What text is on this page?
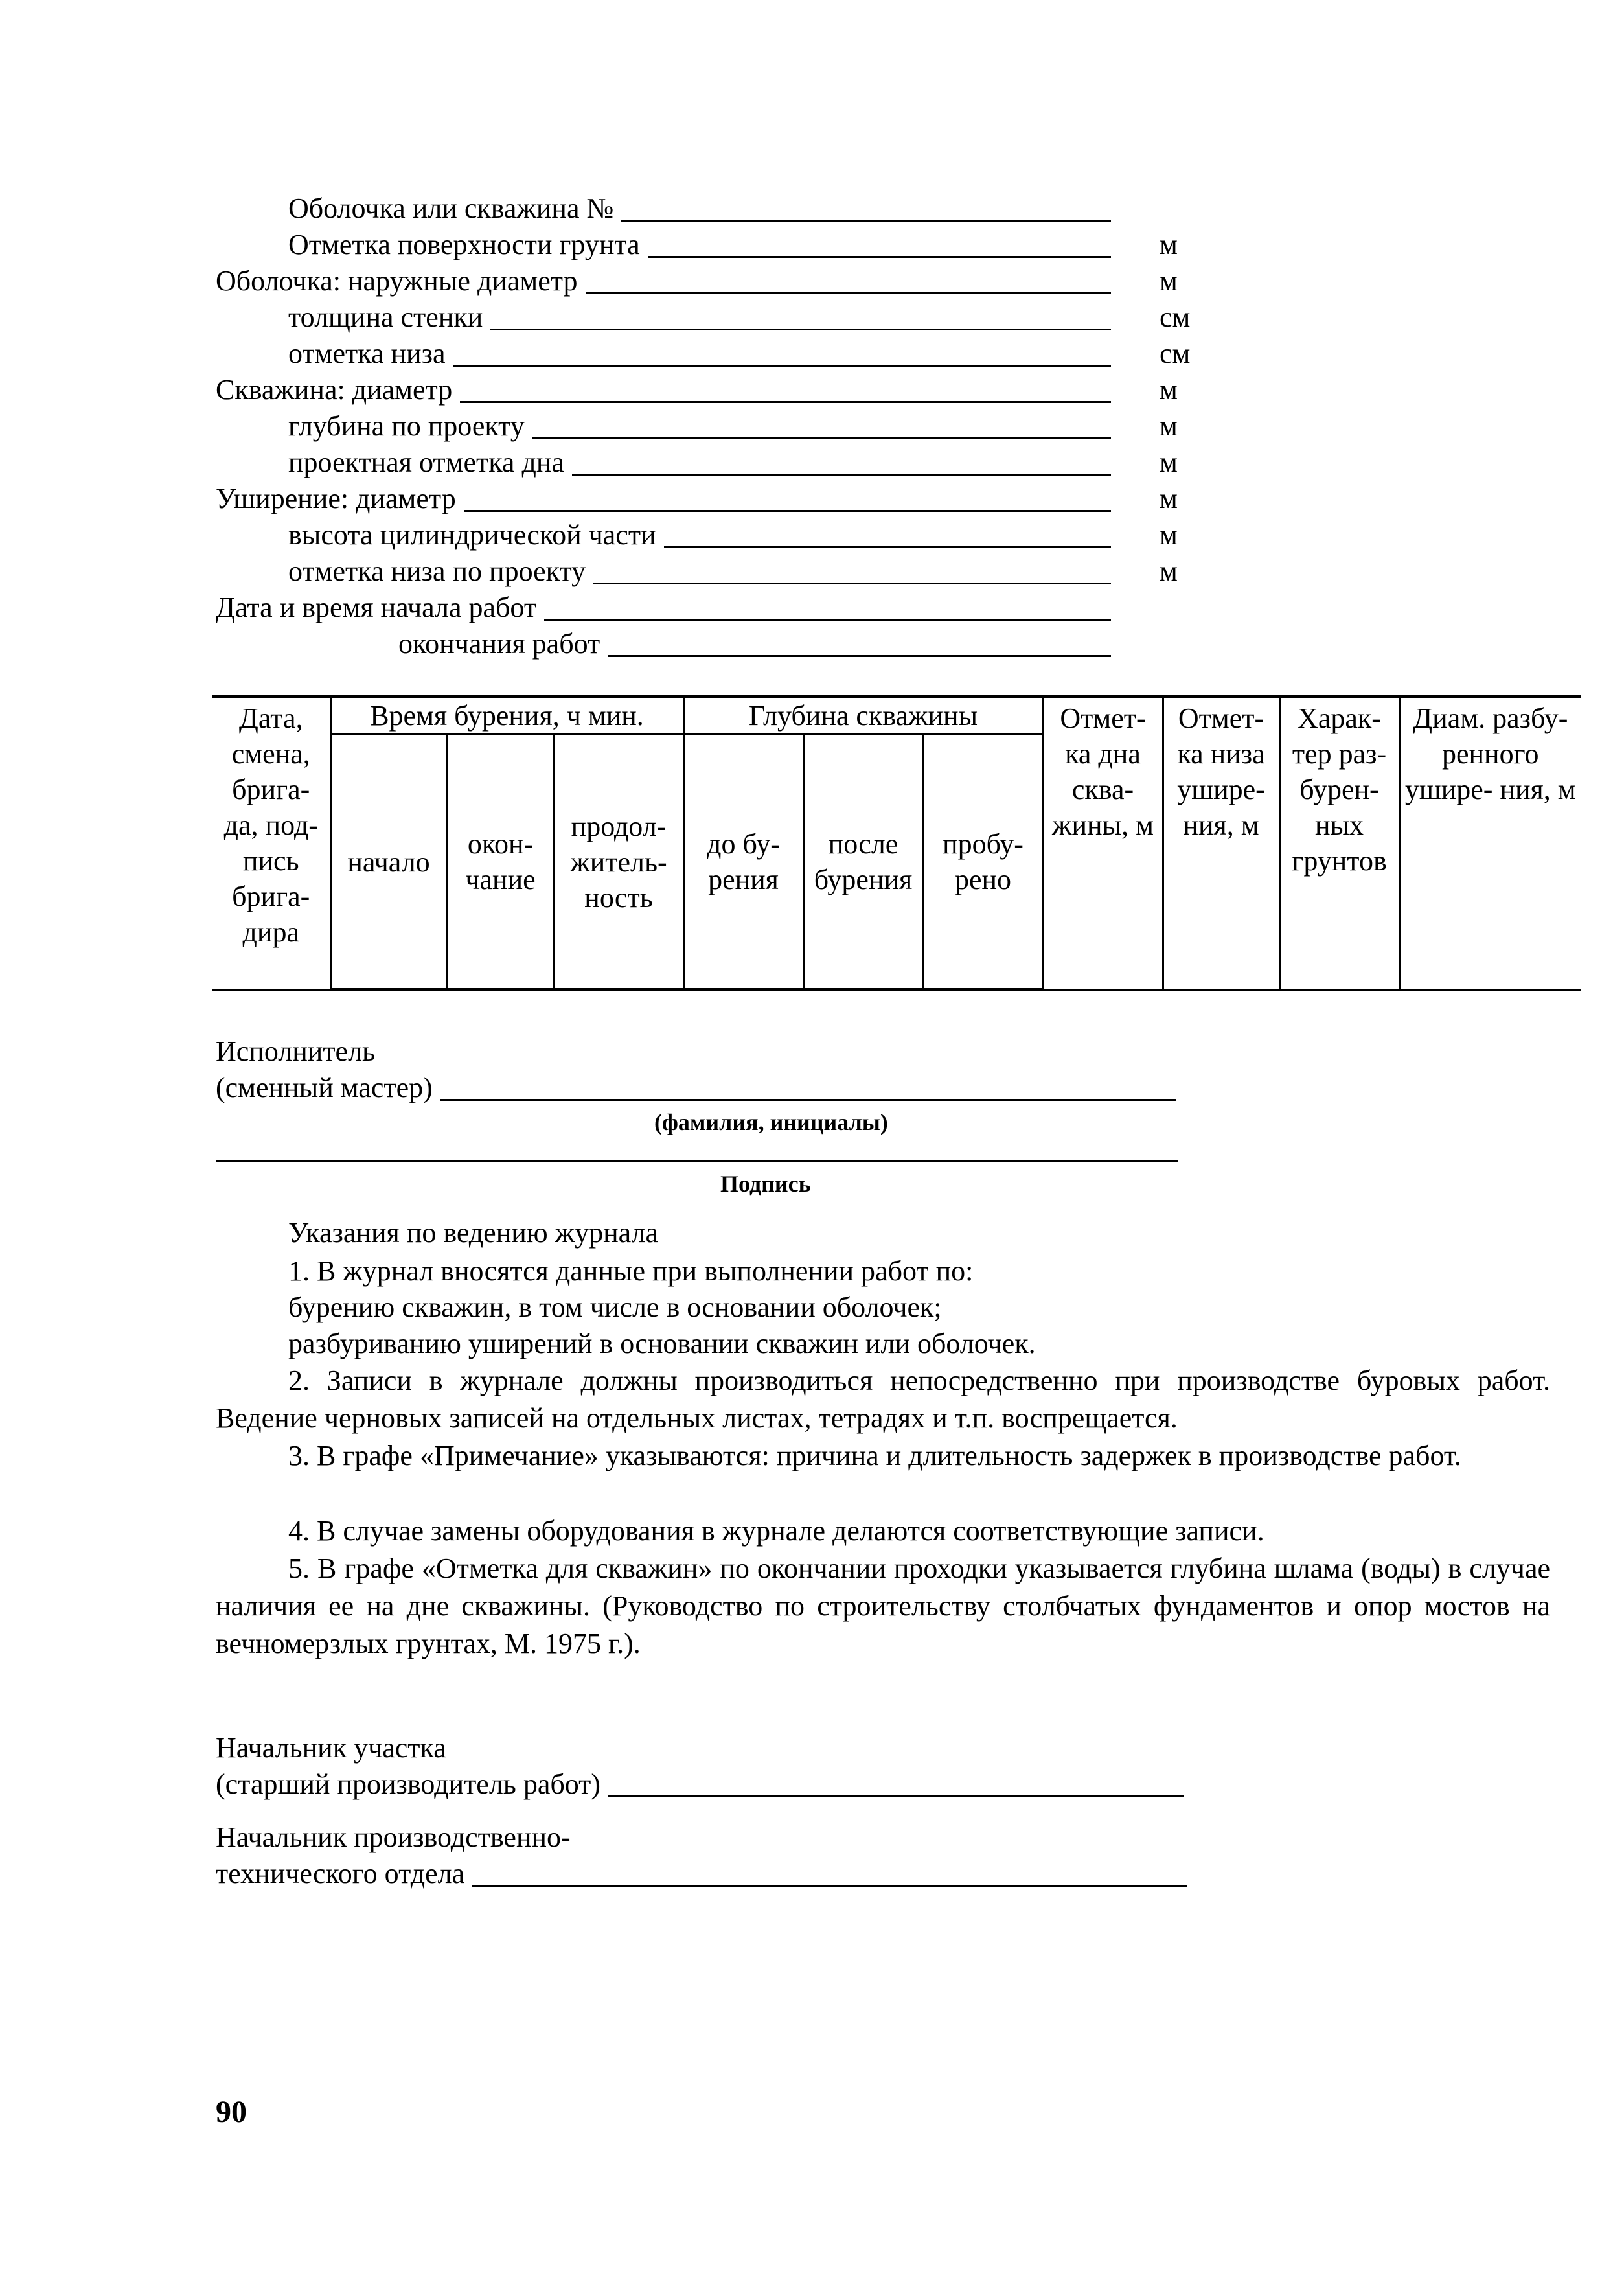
Оболочка или скважина №
Отметка поверхности грунта	м
Оболочка: наружные диаметр	м
толщина стенки	см
отметка низа	см
Скважина: диаметр	м
глубина по проекту	м
проектная отметка дна	м
Уширение: диаметр	м
высота цилиндрической части	м
отметка низа по проекту	м
Дата и время начала работ
окончания работ
Дата, смена, брига- да, под- пись брига- дира	Время бурения, ч мин.			Глубина скважины			Отмет- ка дна сква- жины, м	Отмет- ка низа ушире- ния, м	Харак- тер раз- бурен- ных грунтов	Диам. разбу- ренного уширe- ния, м
	начало	окон- чание	продол- житель- ность	до бу- рения	после бурения	пробу- рено				
Исполнитель
(сменный мастер)
(фамилия, инициалы)
Подпись
Указания по ведению журнала
1. В журнал вносятся данные при выполнении работ по:
бурению скважин, в том числе в основании оболочек;
разбуриванию уширений в основании скважин или оболочек.
2. Записи в журнале должны производиться непосредственно при производстве буровых работ. Ведение черновых записей на отдельных листах, тетрадях и т.п. воспрещается.
3. В графе «Примечание» указываются: причина и длительность задержек в производстве работ.
4. В случае замены оборудования в журнале делаются соответствующие записи.
5. В графе «Отметка для скважин» по окончании проходки указывается глубина шлама (воды) в случае наличия ее на дне скважины. (Руководство по строительству столбчатых фундаментов и опор мостов на вечномерзлых грунтах, М. 1975 г.).
Начальник участка
(старший производитель работ)
Начальник производственно-
технического отдела
90
